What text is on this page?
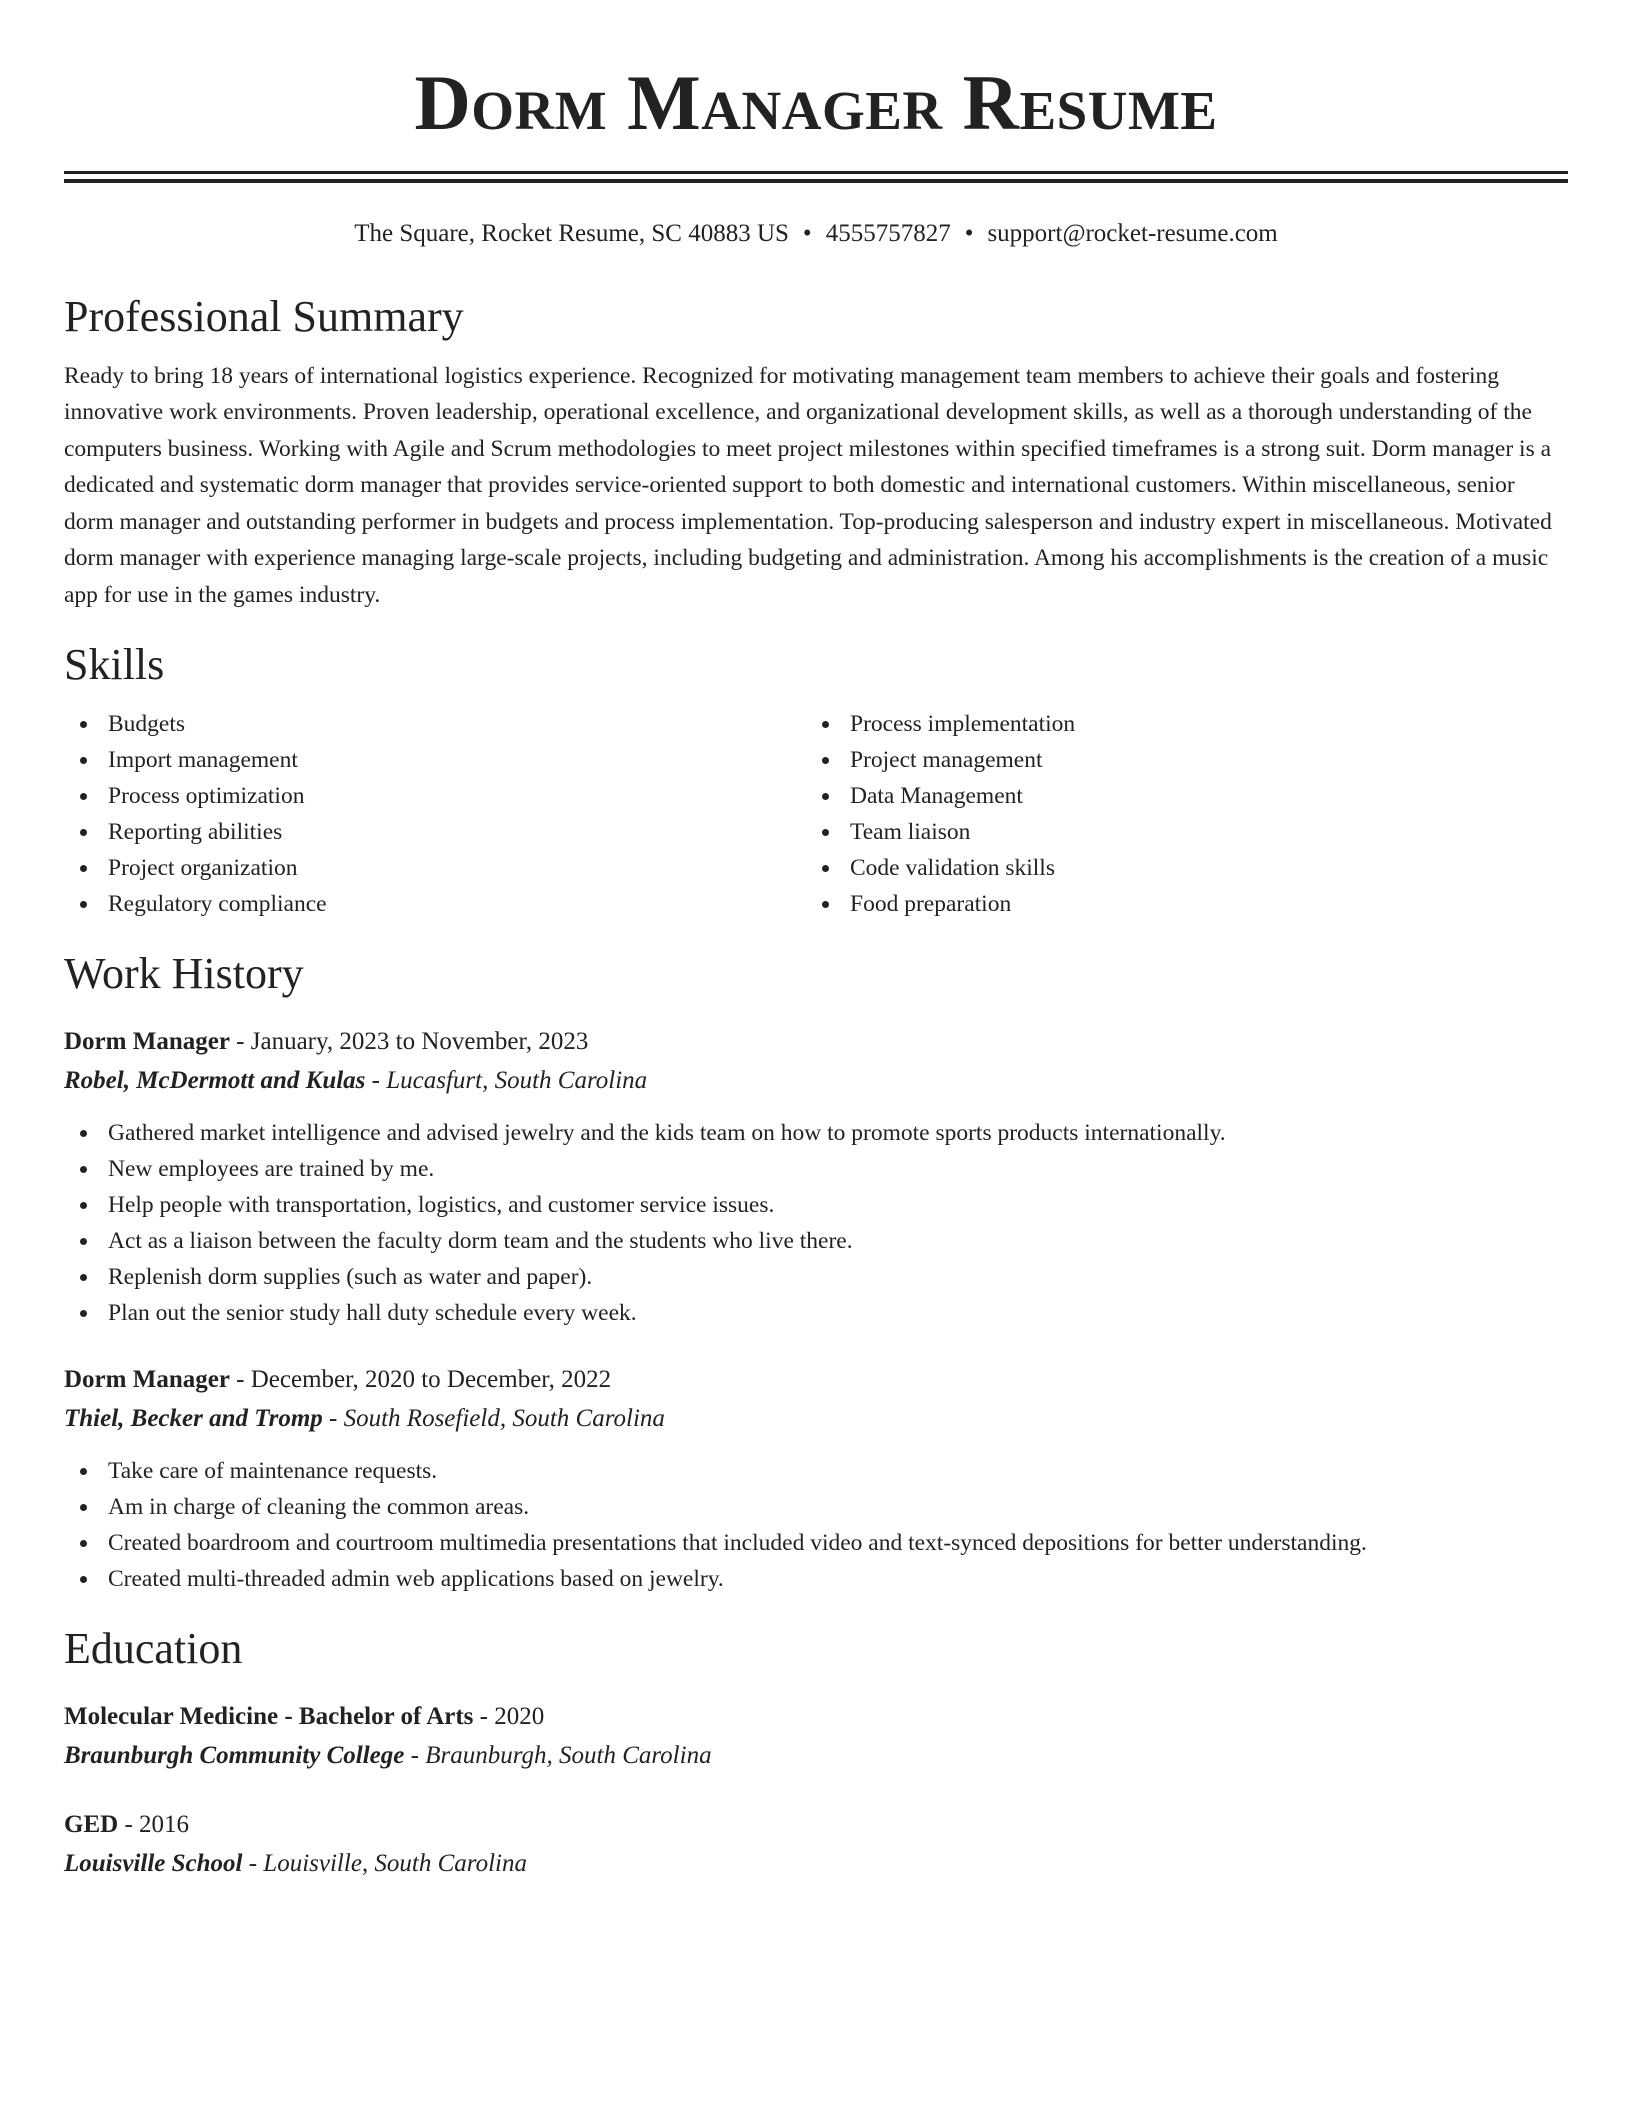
Dorm Manager Resume
The Square, Rocket Resume, SC 40883 US • 4555757827 • support@rocket-resume.com
Professional Summary

Ready to bring 18 years of international logistics experience. Recognized for motivating management team members to achieve their goals and fostering innovative work environments. Proven leadership, operational excellence, and organizational development skills, as well as a thorough understanding of the computers business. Working with Agile and Scrum methodologies to meet project milestones within specified timeframes is a strong suit. Dorm manager is a dedicated and systematic dorm manager that provides service-oriented support to both domestic and international customers. Within miscellaneous, senior dorm manager and outstanding performer in budgets and process implementation. Top-producing salesperson and industry expert in miscellaneous. Motivated dorm manager with experience managing large-scale projects, including budgeting and administration. Among his accomplishments is the creation of a music app for use in the games industry.

Skills
Budgets
Import management
Process optimization
Reporting abilities
Project organization
Regulatory compliance
Process implementation
Project management
Data Management
Team liaison
Code validation skills
Food preparation
Work History
Dorm Manager - January, 2023 to November, 2023
Robel, McDermott and Kulas - Lucasfurt, South Carolina
Gathered market intelligence and advised jewelry and the kids team on how to promote sports products internationally.
New employees are trained by me.
Help people with transportation, logistics, and customer service issues.
Act as a liaison between the faculty dorm team and the students who live there.
Replenish dorm supplies (such as water and paper).
Plan out the senior study hall duty schedule every week.
Dorm Manager - December, 2020 to December, 2022
Thiel, Becker and Tromp - South Rosefield, South Carolina
Take care of maintenance requests.
Am in charge of cleaning the common areas.
Created boardroom and courtroom multimedia presentations that included video and text-synced depositions for better understanding.
Created multi-threaded admin web applications based on jewelry.
Education
Molecular Medicine - Bachelor of Arts - 2020
Braunburgh Community College - Braunburgh, South Carolina
GED - 2016
Louisville School - Louisville, South Carolina
